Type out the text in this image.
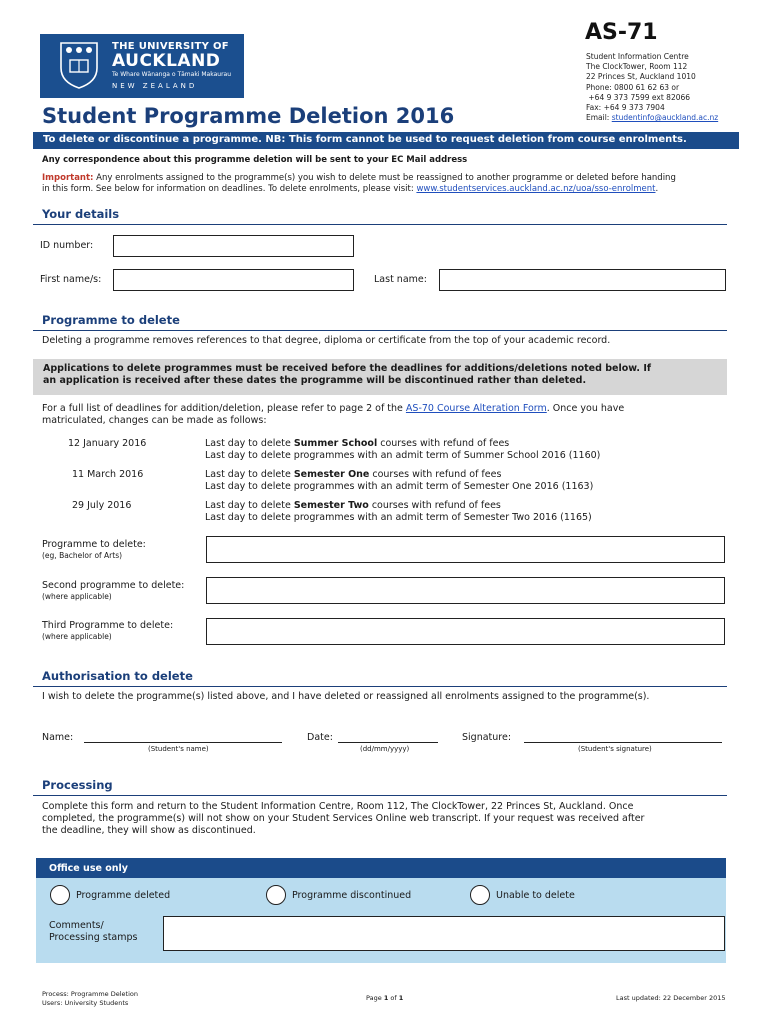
THE UNIVERSITY OF
AUCKLAND
Te Whare Wānanga o Tāmaki Makaurau
NEW ZEALAND
AS-71
Student Information Centre
The ClockTower, Room 112
22 Princes St, Auckland 1010
Phone: 0800 61 62 63 or
+64 9 373 7599 ext 82066
Fax: +64 9 373 7904
Email: studentinfo@auckland.ac.nz
Student Programme Deletion 2016
To delete or discontinue a programme. NB: This form cannot be used to request deletion from course enrolments.
Any correspondence about this programme deletion will be sent to your EC Mail address
Important: Any enrolments assigned to the programme(s) you wish to delete must be reassigned to another programme or deleted before handing
in this form. See below for information on deadlines. To delete enrolments, please visit: www.studentservices.auckland.ac.nz/uoa/sso-enrolment.
Your details
ID number:
First name/s:	Last name:
Programme to delete
Deleting a programme removes references to that degree, diploma or certificate from the top of your academic record.
Applications to delete programmes must be received before the deadlines for additions/deletions noted below. If
an application is received after these dates the programme will be discontinued rather than deleted.
For a full list of deadlines for addition/deletion, please refer to page 2 of the AS-70 Course Alteration Form. Once you have
matriculated, changes can be made as follows:
12 January 2016	Last day to delete Summer School courses with refund of fees
Last day to delete programmes with an admit term of Summer School 2016 (1160)
11 March 2016	Last day to delete Semester One courses with refund of fees
Last day to delete programmes with an admit term of Semester One 2016 (1163)
29 July 2016	Last day to delete Semester Two courses with refund of fees
Last day to delete programmes with an admit term of Semester Two 2016 (1165)
Programme to delete:
(eg, Bachelor of Arts)
Second programme to delete:
(where applicable)
Third Programme to delete:
(where applicable)
Authorisation to delete
I wish to delete the programme(s) listed above, and I have deleted or reassigned all enrolments assigned to the programme(s).
Name:
(Student's name)
Date:
(dd/mm/yyyy)
Signature:
(Student's signature)
Processing
Complete this form and return to the Student Information Centre, Room 112, The ClockTower, 22 Princes St, Auckland. Once
completed, the programme(s) will not show on your Student Services Online web transcript. If your request was received after
the deadline, they will show as discontinued.
Office use only
Programme deleted	Programme discontinued	Unable to delete
Comments/
Processing stamps
Process: Programme Deletion
Users: University Students
Page 1 of 1	Last updated: 22 December 2015
